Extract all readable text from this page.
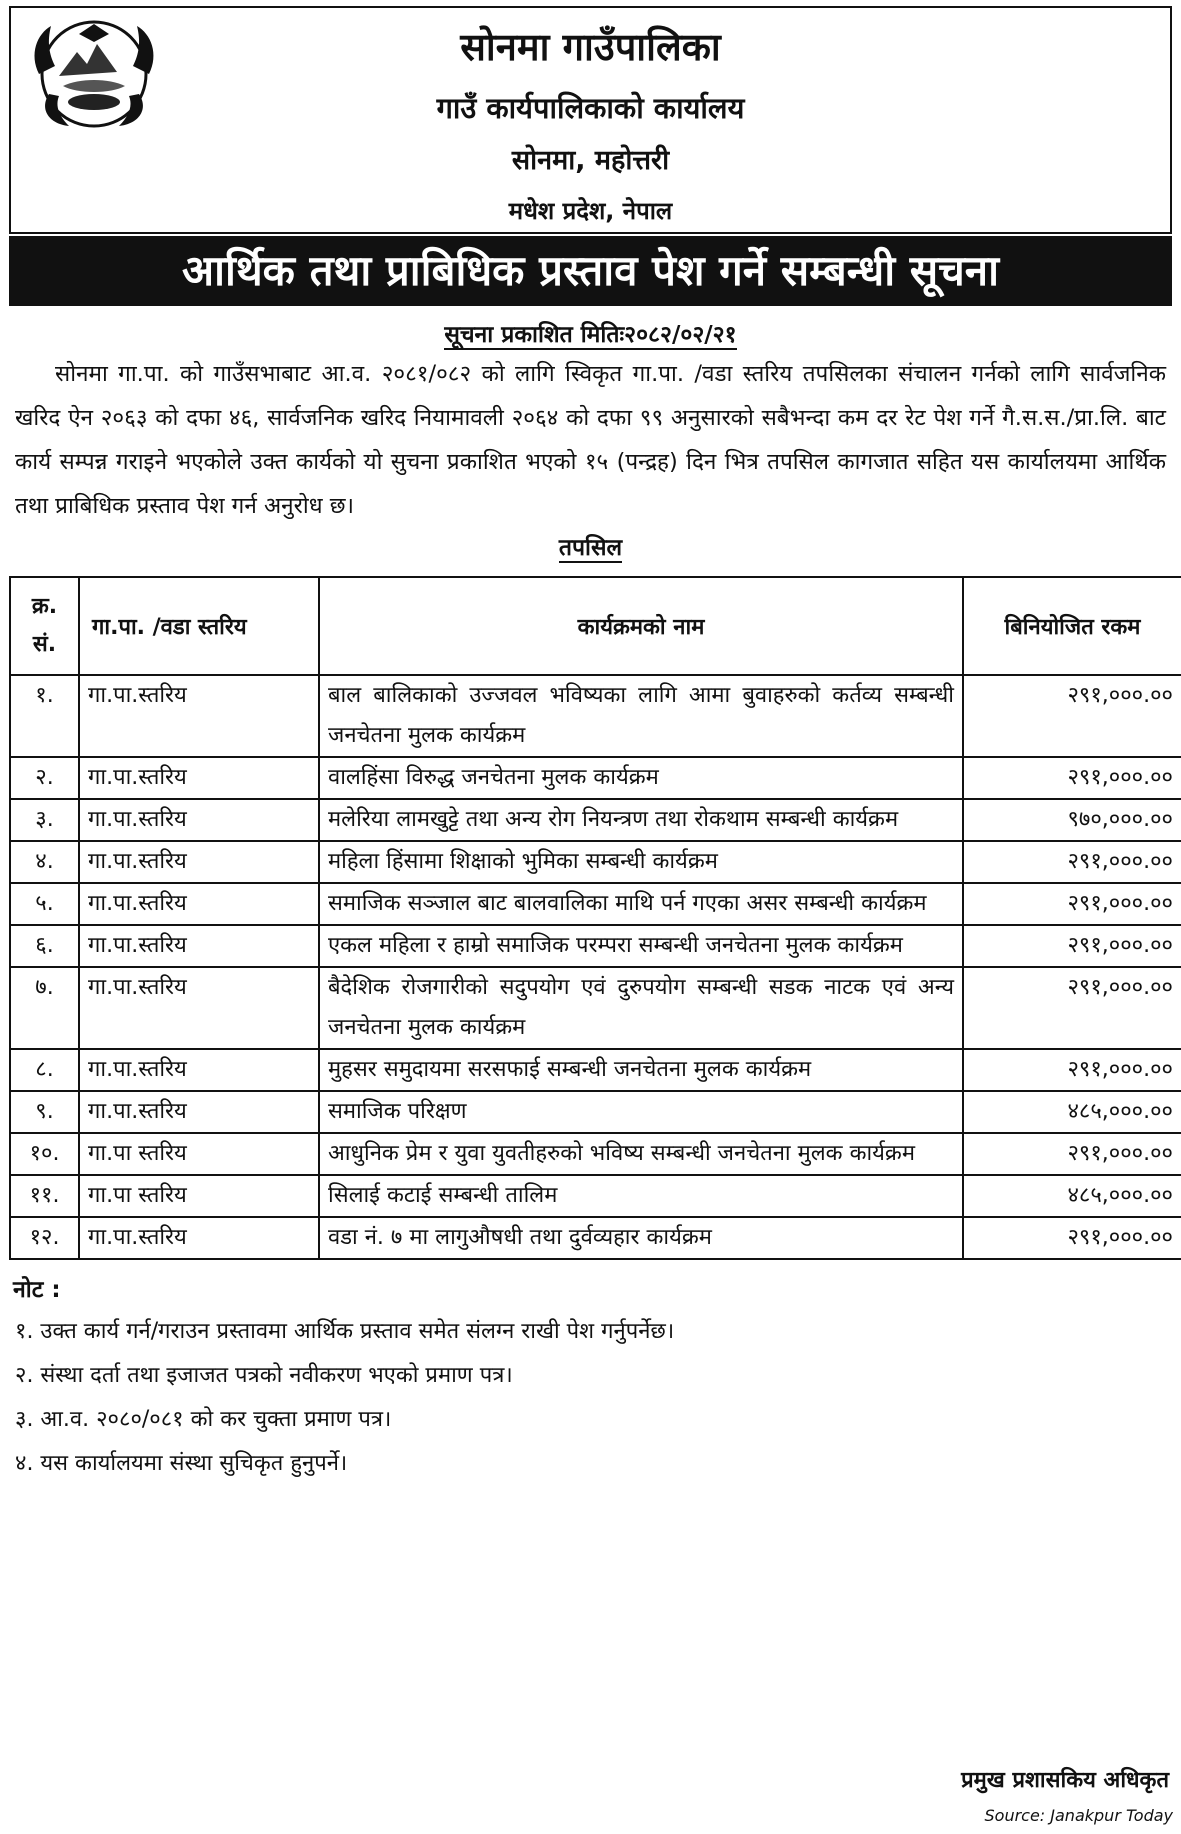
सोनमा गाउँपालिका
गाउँ कार्यपालिकाको कार्यालय
सोनमा, महोत्तरी
मधेश प्रदेश, नेपाल
आर्थिक तथा प्राबिधिक प्रस्ताव पेश गर्ने सम्बन्धी सूचना
सूचना प्रकाशित मितिः२०८२/०२/२१
सोनमा गा.पा. को गाउँसभाबाट आ.व. २०८१/०८२ को लागि स्विकृत गा.पा. /वडा स्तरिय तपसिलका संचालन गर्नको लागि सार्वजनिक खरिद ऐन २०६३ को दफा ४६, सार्वजनिक खरिद नियामावली २०६४ को दफा ९९ अनुसारको सबैभन्दा कम दर रेट पेश गर्ने गै.स.स./प्रा.लि. बाट कार्य सम्पन्न गराइने भएकोले उक्त कार्यको यो सुचना प्रकाशित भएको १५ (पन्द्रह) दिन भित्र तपसिल कागजात सहित यस कार्यालयमा आर्थिक तथा प्राबिधिक प्रस्ताव पेश गर्न अनुरोध छ।
तपसिल
क्र.
सं.	गा.पा. /वडा स्तरिय	कार्यक्रमको नाम	बिनियोजित रकम
१.	गा.पा.स्तरिय	बाल बालिकाको उज्जवल भविष्यका लागि आमा बुवाहरुको कर्तव्य सम्बन्धी जनचेतना मुलक कार्यक्रम	२९१,०००.००
२.	गा.पा.स्तरिय	वालहिंसा विरुद्ध जनचेतना मुलक कार्यक्रम	२९१,०००.००
३.	गा.पा.स्तरिय	मलेरिया लामखुट्टे तथा अन्य रोग नियन्त्रण तथा रोकथाम सम्बन्धी कार्यक्रम	९७०,०००.००
४.	गा.पा.स्तरिय	महिला हिंसामा शिक्षाको भुमिका सम्बन्धी कार्यक्रम	२९१,०००.००
५.	गा.पा.स्तरिय	समाजिक सञ्जाल बाट बालवालिका माथि पर्न गएका असर सम्बन्धी कार्यक्रम	२९१,०००.००
६.	गा.पा.स्तरिय	एकल महिला र हाम्रो समाजिक परम्परा सम्बन्धी जनचेतना मुलक कार्यक्रम	२९१,०००.००
७.	गा.पा.स्तरिय	बैदेशिक रोजगारीको सदुपयोग एवं दुरुपयोग सम्बन्धी सडक नाटक एवं अन्य जनचेतना मुलक कार्यक्रम	२९१,०००.००
८.	गा.पा.स्तरिय	मुहसर समुदायमा सरसफाई सम्बन्धी जनचेतना मुलक कार्यक्रम	२९१,०००.००
९.	गा.पा.स्तरिय	समाजिक परिक्षण	४८५,०००.००
१०.	गा.पा स्तरिय	आधुनिक प्रेम र युवा युवतीहरुको भविष्य सम्बन्धी जनचेतना मुलक कार्यक्रम	२९१,०००.००
११.	गा.पा स्तरिय	सिलाई कटाई सम्बन्धी तालिम	४८५,०००.००
१२.	गा.पा.स्तरिय	वडा नं. ७ मा लागुऔषधी तथा दुर्वव्यहार कार्यक्रम	२९१,०००.००
नोट :
१. उक्त कार्य गर्न/गराउन प्रस्तावमा आर्थिक प्रस्ताव समेत संलग्न राखी पेश गर्नुपर्नेछ।
२. संस्था दर्ता तथा इजाजत पत्रको नवीकरण भएको प्रमाण पत्र।
३. आ.व. २०८०/०८१ को कर चुक्ता प्रमाण पत्र।
४. यस कार्यालयमा संस्था सुचिकृत हुनुपर्ने।
प्रमुख प्रशासकिय अधिकृत
Source: Janakpur Today
